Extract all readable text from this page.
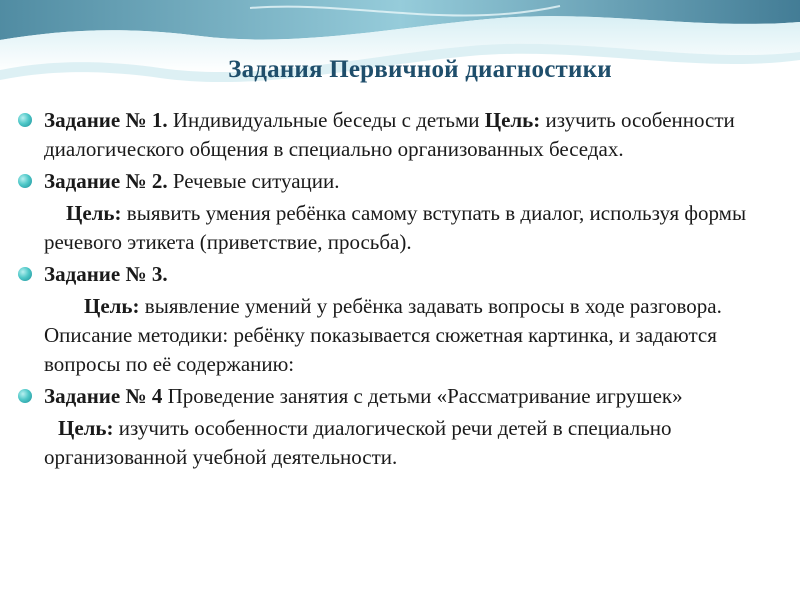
Задания Первичной диагностики

Задание № 1. Индивидуальные беседы с детьми Цель: изучить особенности диалогического общения в специально организованных беседах.

Задание № 2. Речевые ситуации.

Цель: выявить умения ребёнка самому вступать в диалог, используя формы речевого этикета (приветствие, просьба).

Задание № 3.

Цель: выявление умений у ребёнка задавать вопросы в ходе разговора. Описание методики: ребёнку показывается сюжетная картинка, и задаются вопросы по её содержанию:

Задание № 4 Проведение занятия с детьми «Рассматривание игрушек»

Цель: изучить особенности диалогической речи детей в специально организованной учебной деятельности.
